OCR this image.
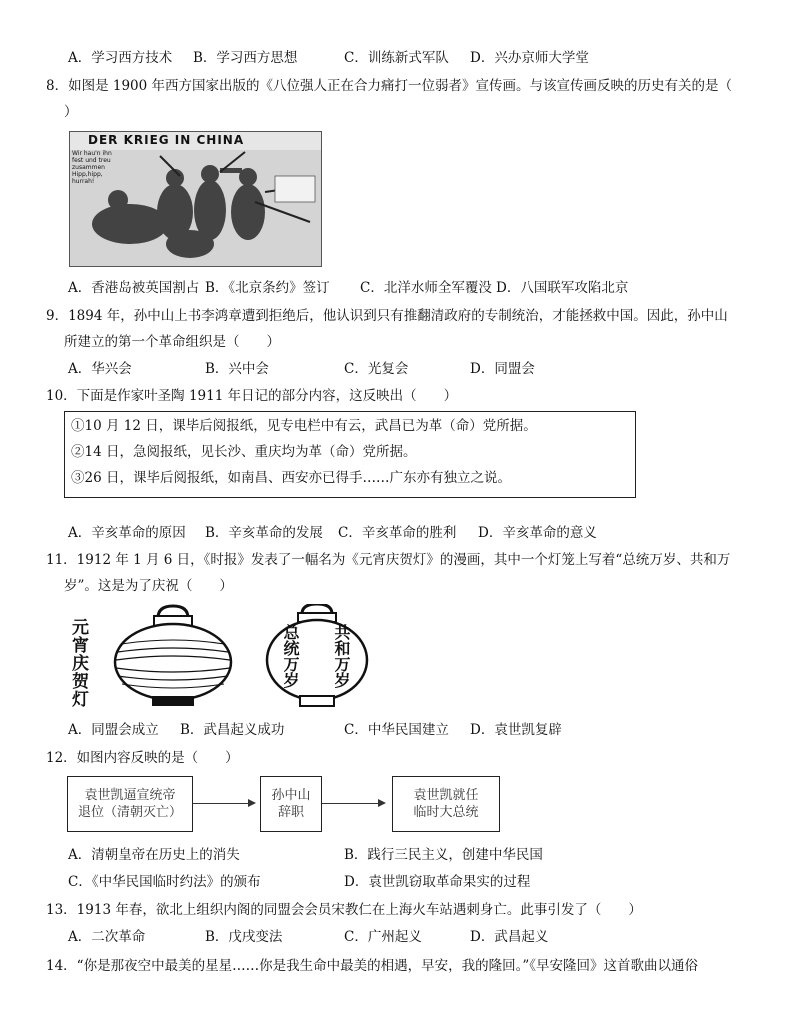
A．学习西方技术 B．学习西方思想	C．训练新式军队 D．兴办京师大学堂
8．如图是 1900 年西方国家出版的《八位强人正在合力痛打一位弱者》宣传画。与该宣传画反映的历史有关的是（
）
DER KRIEG IN CHINA
Wir hau'n ihn
fest und treu
zusammen
Hipp,hipp,
hurrah!
A．香港岛被英国割占 B．《北京条约》签订 C．北洋水师全军覆没 D．八国联军攻陷北京
9．1894 年，孙中山上书李鸿章遭到拒绝后，他认识到只有推翻清政府的专制统治，才能拯救中国。因此，孙中山
所建立的第一个革命组织是（　　）
A．华兴会	B．兴中会	C．光复会	D．同盟会
10．下面是作家叶圣陶 1911 年日记的部分内容，这反映出（　　）
①10 月 12 日，课毕后阅报纸，见专电栏中有云，武昌已为革（命）党所据。
②14 日，急阅报纸，见长沙、重庆均为革（命）党所据。
③26 日，课毕后阅报纸，如南昌、西安亦已得手……广东亦有独立之说。
A．辛亥革命的原因 B．辛亥革命的发展 C．辛亥革命的胜利 D．辛亥革命的意义
11．1912 年 1 月 6 日，《时报》发表了一幅名为《元宵庆贺灯》的漫画，其中一个灯笼上写着“总统万岁、共和万
岁”。这是为了庆祝（　　）
元宵庆贺灯	共和万岁
总统万岁
A．同盟会成立 B．武昌起义成功	C．中华民国建立 D．袁世凯复辟
12．如图内容反映的是（　　）
袁世凯逼宣统帝
退位（清朝灭亡）
孙中山
辞职
袁世凯就任
临时大总统
A．清朝皇帝在历史上的消失	B．践行三民主义，创建中华民国
C．《中华民国临时约法》的颁布	D．袁世凯窃取革命果实的过程
13．1913 年春，欲北上组织内阁的同盟会会员宋教仁在上海火车站遇刺身亡。此事引发了（　　）
A．二次革命	B．戊戌变法	C．广州起义	D．武昌起义
14．“你是那夜空中最美的星星……你是我生命中最美的相遇，早安，我的隆回。”《早安隆回》这首歌曲以通俗
